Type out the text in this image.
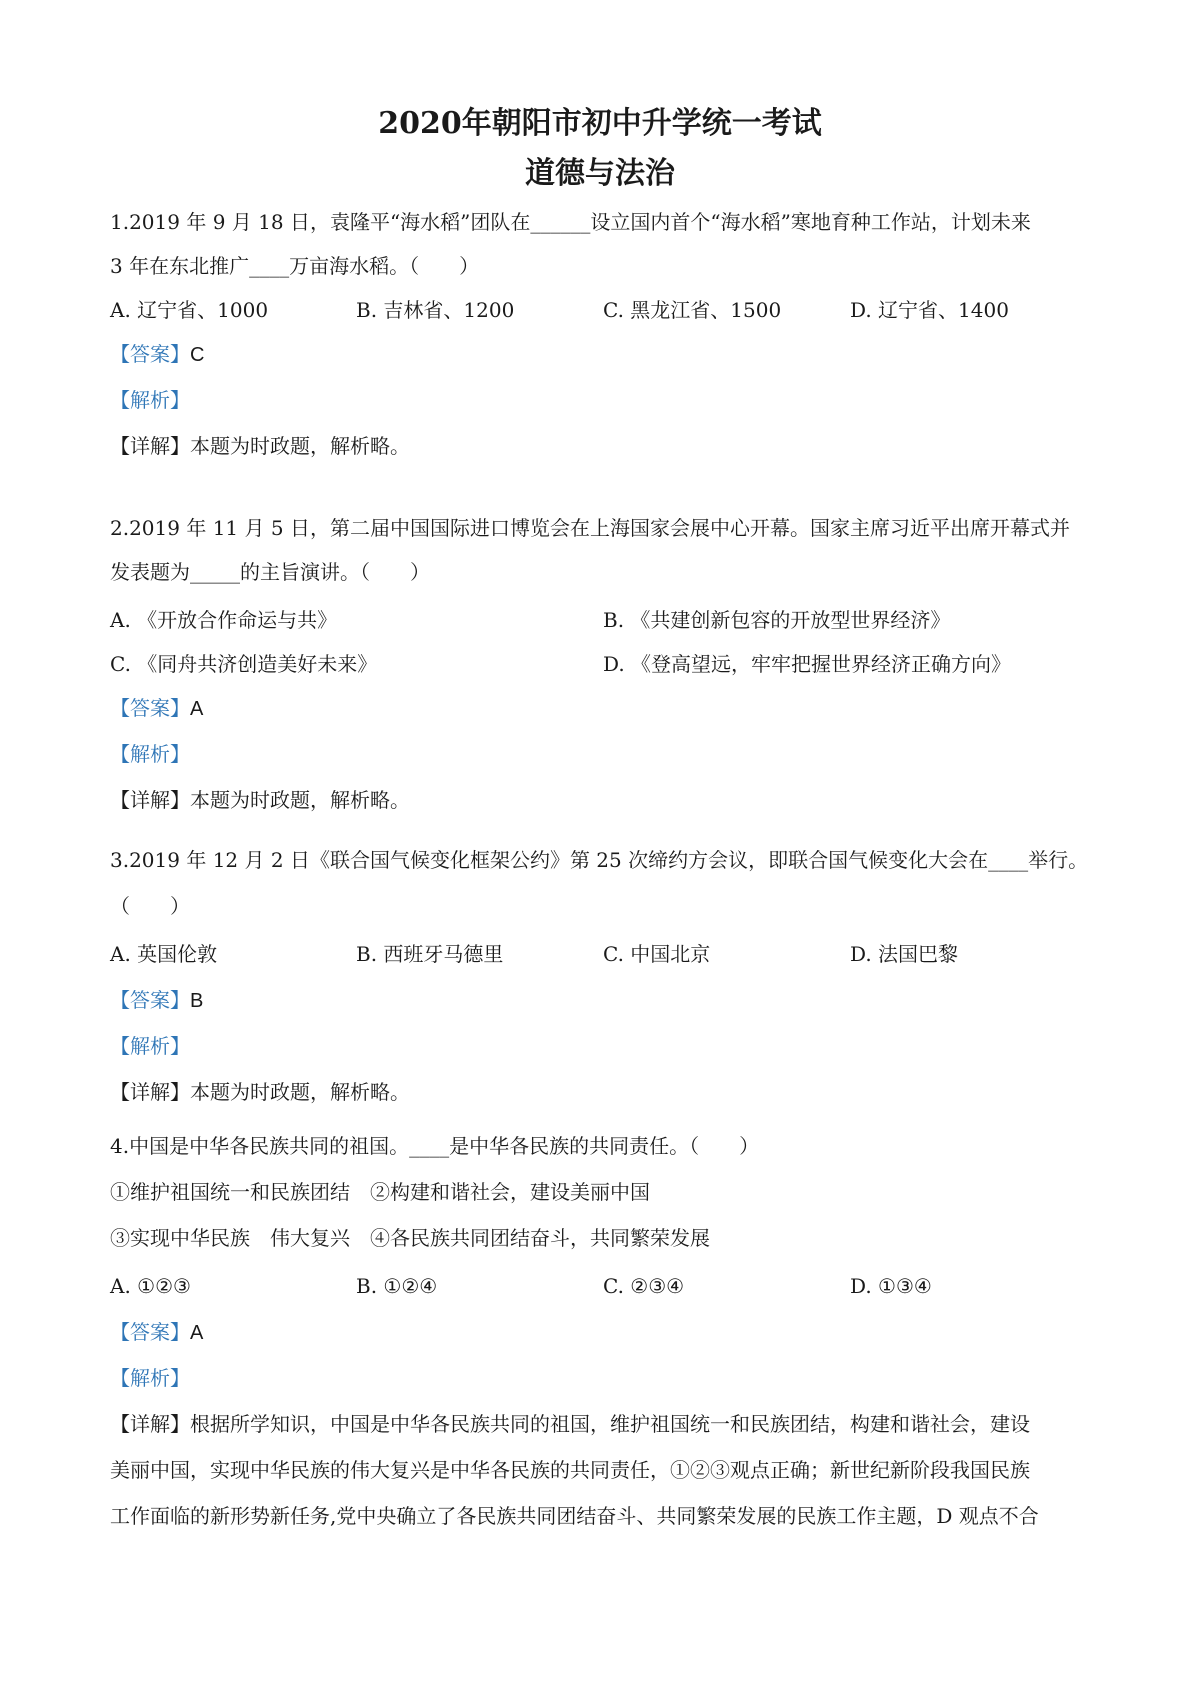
2020年朝阳市初中升学统一考试
道德与法治
1.2019 年 9 月 18 日，袁隆平“海水稻”团队在______设立国内首个“海水稻”寒地育种工作站，计划未来
3 年在东北推广____万亩海水稻。（　　）
A. 辽宁省、1000	B. 吉林省、1200	C. 黑龙江省、1500	D. 辽宁省、1400
【答案】C
【解析】
【详解】本题为时政题，解析略。
2.2019 年 11 月 5 日，第二届中国国际进口博览会在上海国家会展中心开幕。国家主席习近平出席开幕式并
发表题为_____的主旨演讲。（　　）
A. 《开放合作命运与共》	B. 《共建创新包容的开放型世界经济》
C. 《同舟共济创造美好未来》	D. 《登高望远，牢牢把握世界经济正确方向》
【答案】A
【解析】
【详解】本题为时政题，解析略。
3.2019 年 12 月 2 日《联合国气候变化框架公约》第 25 次缔约方会议，即联合国气候变化大会在____举行。
（　　）
A. 英国伦敦	B. 西班牙马德里	C. 中国北京	D. 法国巴黎
【答案】B
【解析】
【详解】本题为时政题，解析略。
4.中国是中华各民族共同的祖国。____是中华各民族的共同责任。（　　）
①维护祖国统一和民族团结　②构建和谐社会，建设美丽中国
③实现中华民族　伟大复兴　④各民族共同团结奋斗，共同繁荣发展
A. ①②③	B. ①②④	C. ②③④	D. ①③④
【答案】A
【解析】
【详解】根据所学知识，中国是中华各民族共同的祖国，维护祖国统一和民族团结，构建和谐社会，建设
美丽中国，实现中华民族的伟大复兴是中华各民族的共同责任，①②③观点正确；新世纪新阶段我国民族
工作面临的新形势新任务,党中央确立了各民族共同团结奋斗、共同繁荣发展的民族工作主题，D 观点不合
